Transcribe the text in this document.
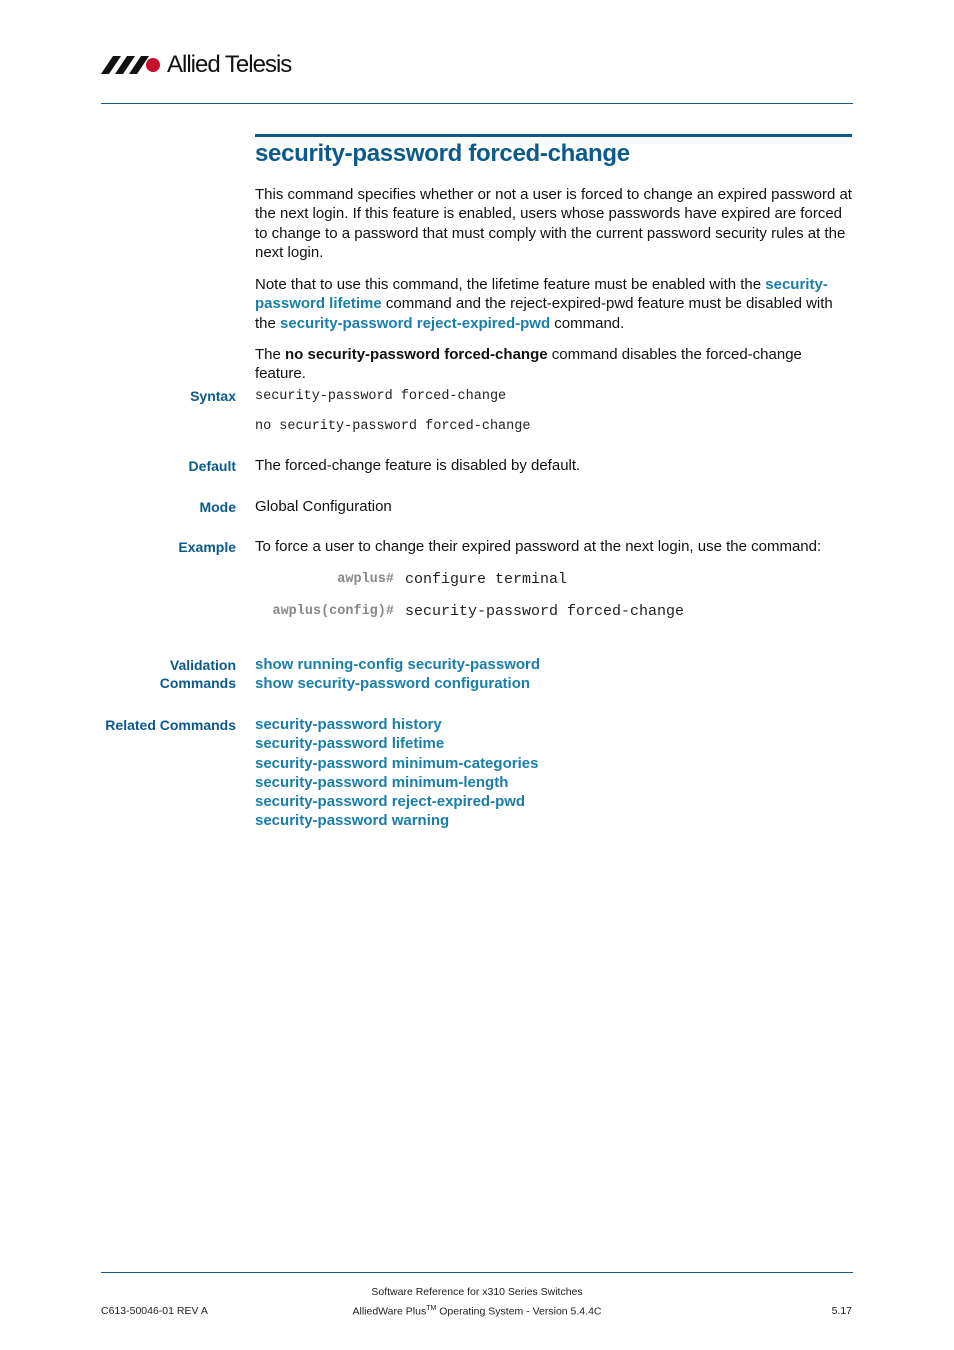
Allied Telesis
security-password forced-change

This command specifies whether or not a user is forced to change an expired password at the next login. If this feature is enabled, users whose passwords have expired are forced to change to a password that must comply with the current password security rules at the next login.

Note that to use this command, the lifetime feature must be enabled with the security-password lifetime command and the reject-expired-pwd feature must be disabled with the security-password reject-expired-pwd command.

The no security-password forced-change command disables the forced-change feature.

Syntax security-password forced-change
no security-password forced-change
Default The forced-change feature is disabled by default.

Mode Global Configuration

Example To force a user to change their expired password at the next login, use the command:

awplus# configure terminal
awplus(config)# security-password forced-change
Validation
Commands
show running-config security-password
show security-password configuration
Related Commands security-password history
security-password lifetime
security-password minimum-categories
security-password minimum-length
security-password reject-expired-pwd
security-password warning
C613-50046-01 REV A
Software Reference for x310 Series Switches
AlliedWare Plus™ Operating System - Version 5.4.4C	5.17
